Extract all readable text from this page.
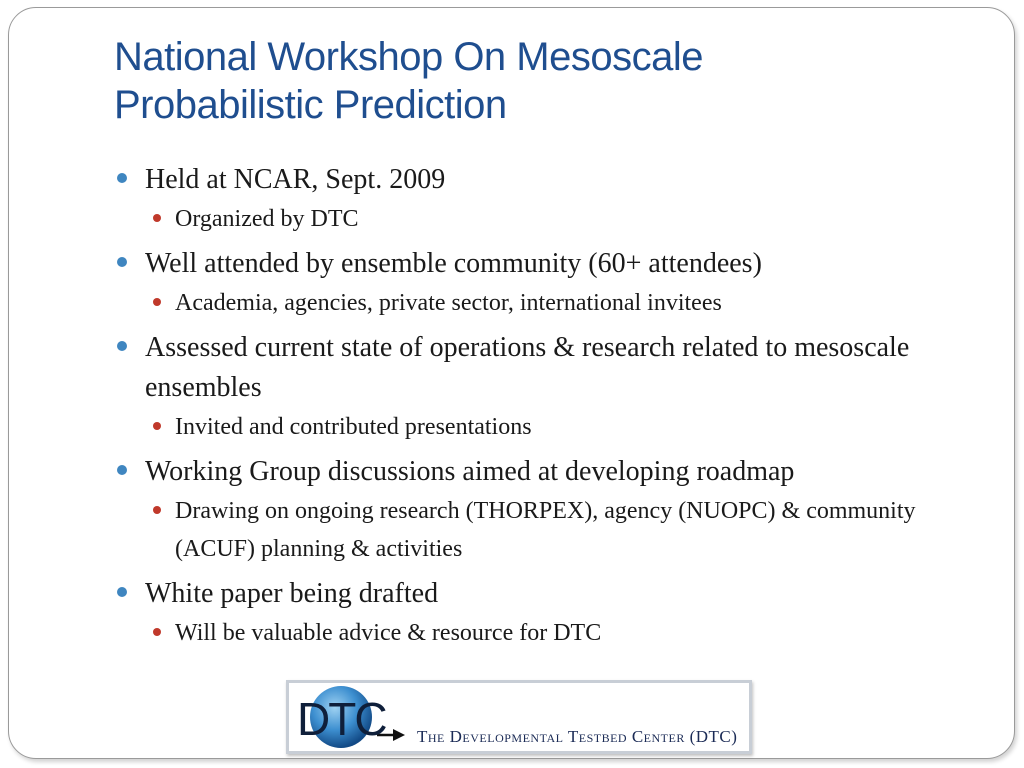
National Workshop On Mesoscale
Probabilistic Prediction
Held at NCAR, Sept. 2009
Organized by DTC
Well attended by ensemble community (60+ attendees)
Academia, agencies, private sector, international invitees
Assessed current state of operations & research related to mesoscale ensembles
Invited and contributed presentations
Working Group discussions aimed at developing roadmap
Drawing on ongoing research (THORPEX), agency (NUOPC) & community (ACUF) planning & activities
White paper being drafted
Will be valuable advice & resource for DTC
DTC The Developmental Testbed Center (DTC)
